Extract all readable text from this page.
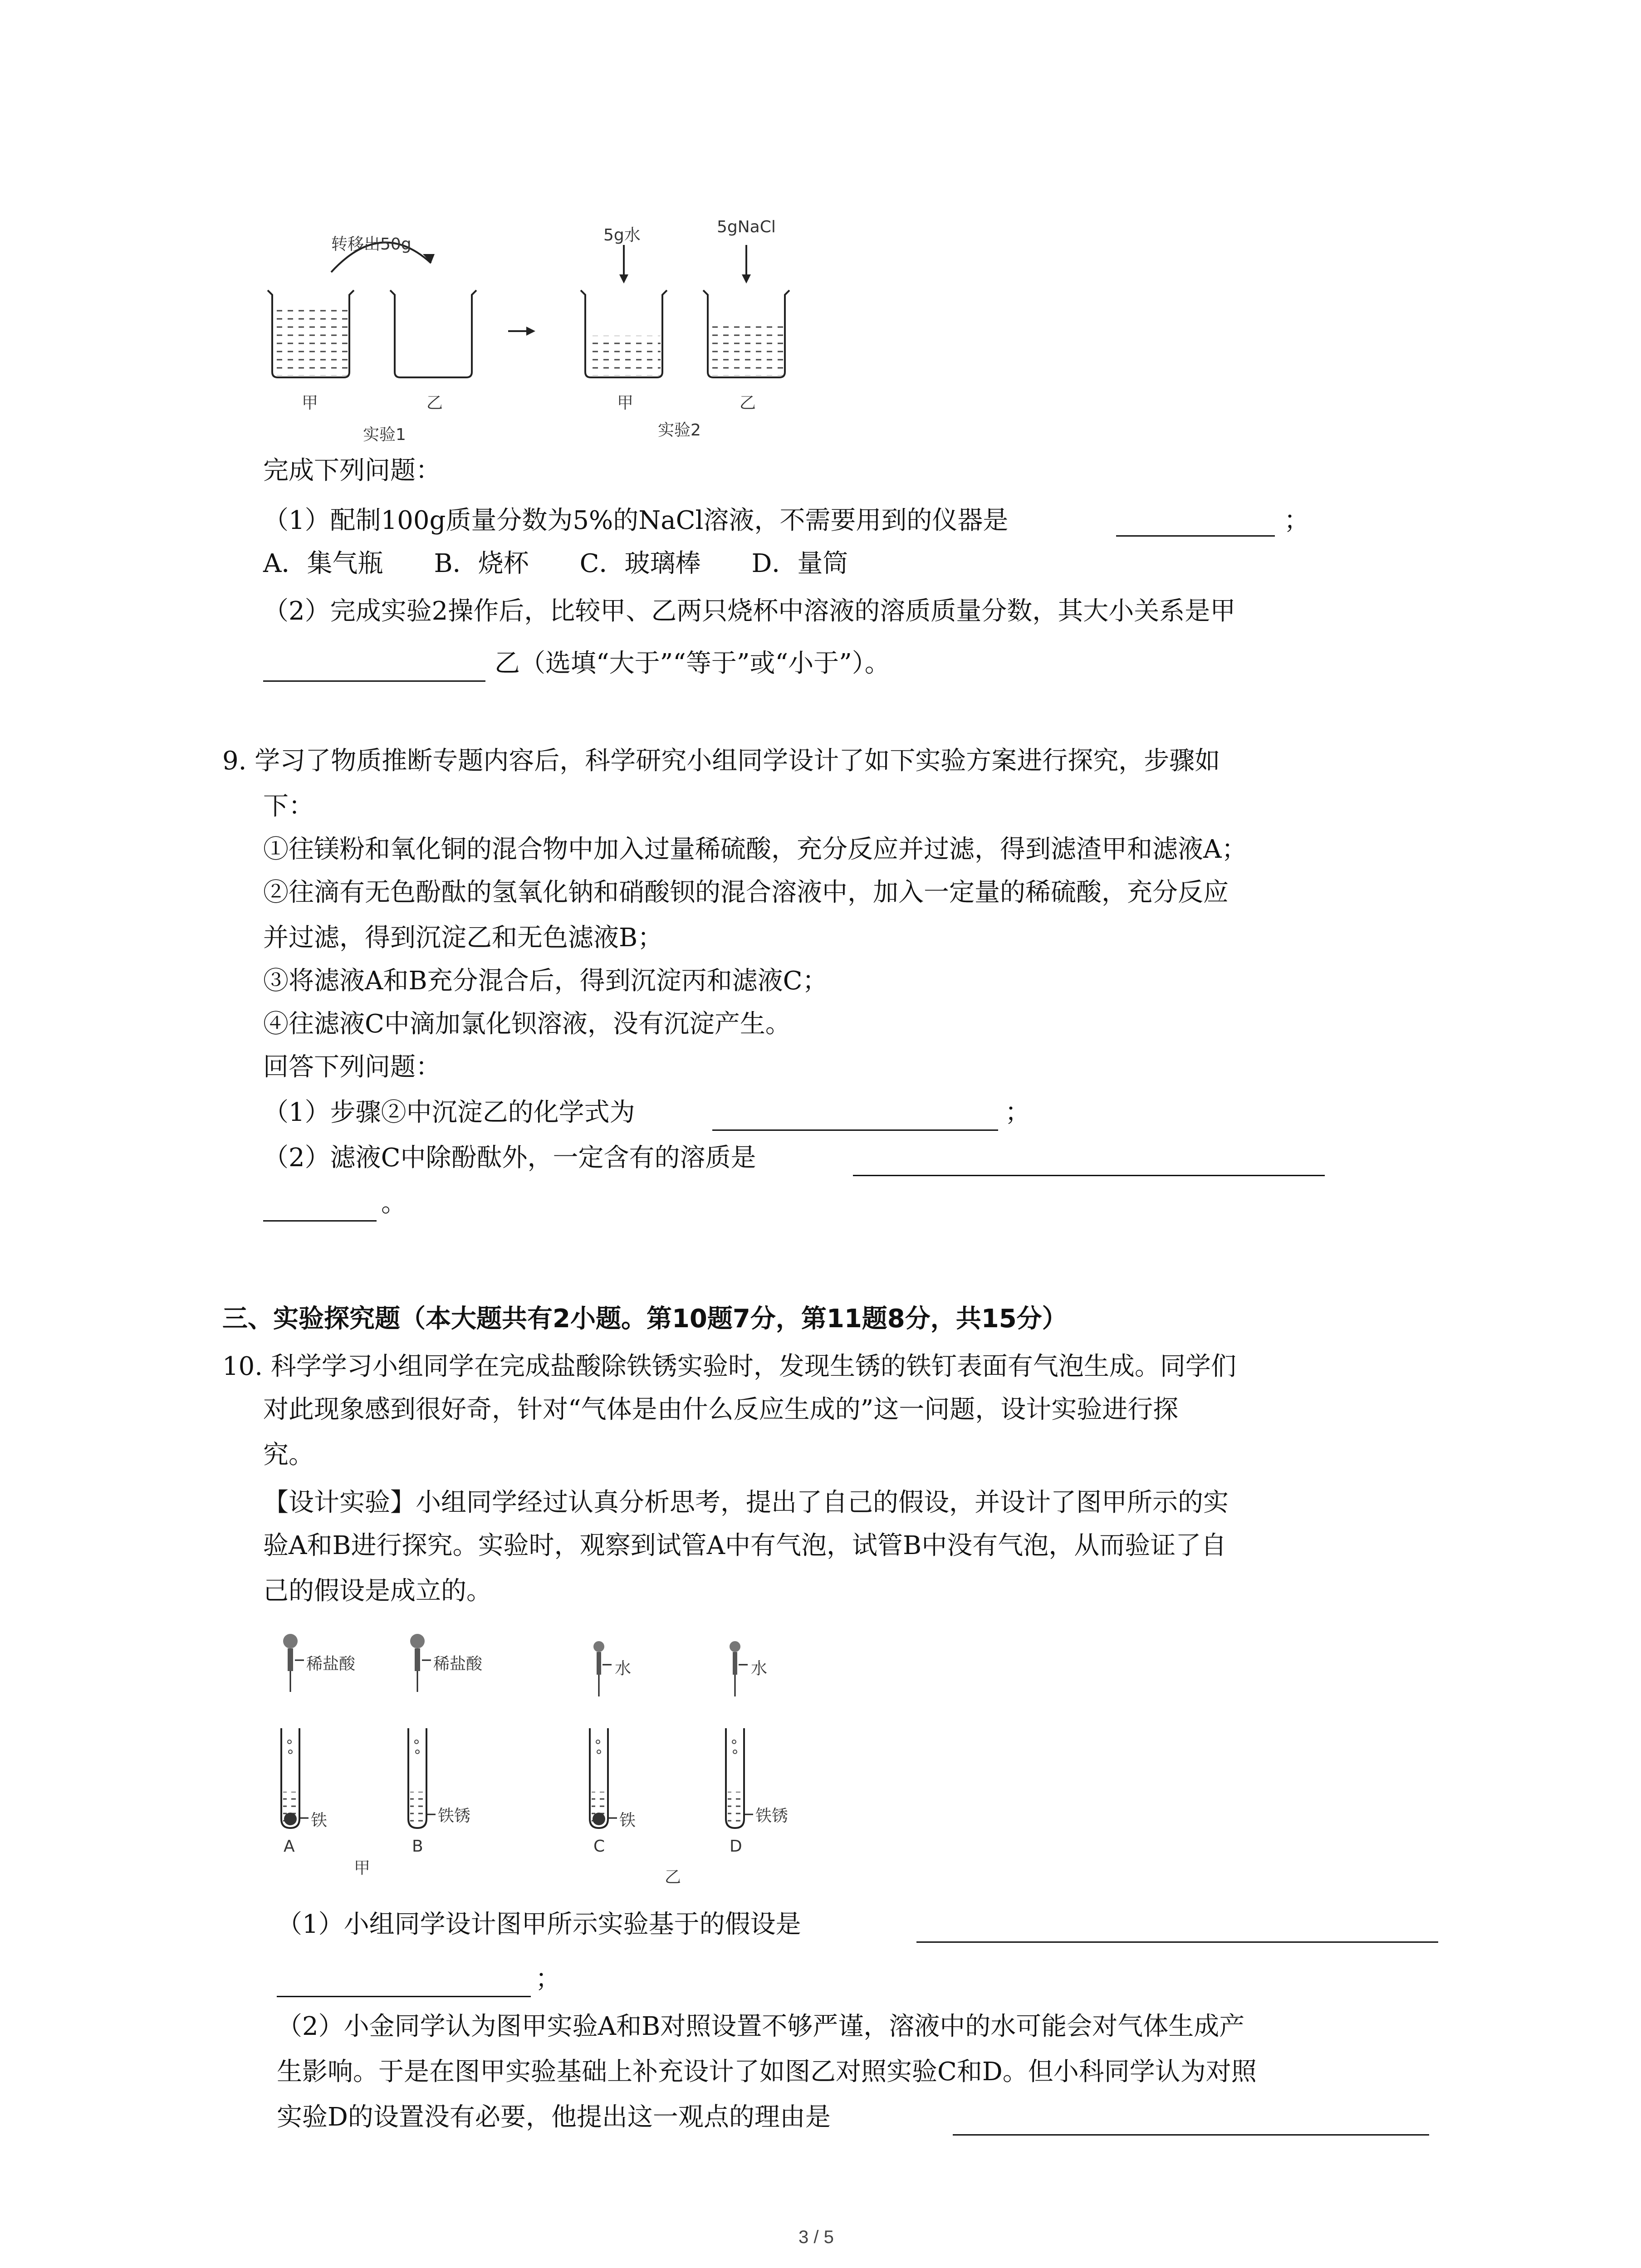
转移出50g	5g水	5gNaCl
甲	乙	甲	乙
实验1	实验2
完成下列问题：
（1）配制100g质量分数为5%的NaCl溶液，不需要用到的仪器是	；
A．集气瓶　　B．烧杯　　C．玻璃棒　　D．量筒
（2）完成实验2操作后，比较甲、乙两只烧杯中溶液的溶质质量分数，其大小关系是甲
乙（选填“大于”“等于”或“小于”）。
9. 学习了物质推断专题内容后，科学研究小组同学设计了如下实验方案进行探究，步骤如
下：
①往镁粉和氧化铜的混合物中加入过量稀硫酸，充分反应并过滤，得到滤渣甲和滤液A；
②往滴有无色酚酞的氢氧化钠和硝酸钡的混合溶液中，加入一定量的稀硫酸，充分反应
并过滤，得到沉淀乙和无色滤液B；
③将滤液A和B充分混合后，得到沉淀丙和滤液C；
④往滤液C中滴加氯化钡溶液，没有沉淀产生。
回答下列问题：
（1）步骤②中沉淀乙的化学式为	；
（2）滤液C中除酚酞外，一定含有的溶质是
。
三、实验探究题（本大题共有2小题。第10题7分，第11题8分，共15分）
10. 科学学习小组同学在完成盐酸除铁锈实验时，发现生锈的铁钉表面有气泡生成。同学们
对此现象感到很好奇，针对“气体是由什么反应生成的”这一问题，设计实验进行探
究。
【设计实验】小组同学经过认真分析思考，提出了自己的假设，并设计了图甲所示的实
验A和B进行探究。实验时，观察到试管A中有气泡，试管B中没有气泡，从而验证了自
己的假设是成立的。
稀盐酸	稀盐酸	水	水
铁	铁锈	铁	铁锈
A	B	C	D
甲	乙
（1）小组同学设计图甲所示实验基于的假设是
；
（2）小金同学认为图甲实验A和B对照设置不够严谨，溶液中的水可能会对气体生成产
生影响。于是在图甲实验基础上补充设计了如图乙对照实验C和D。但小科同学认为对照
实验D的设置没有必要，他提出这一观点的理由是
3 / 5
